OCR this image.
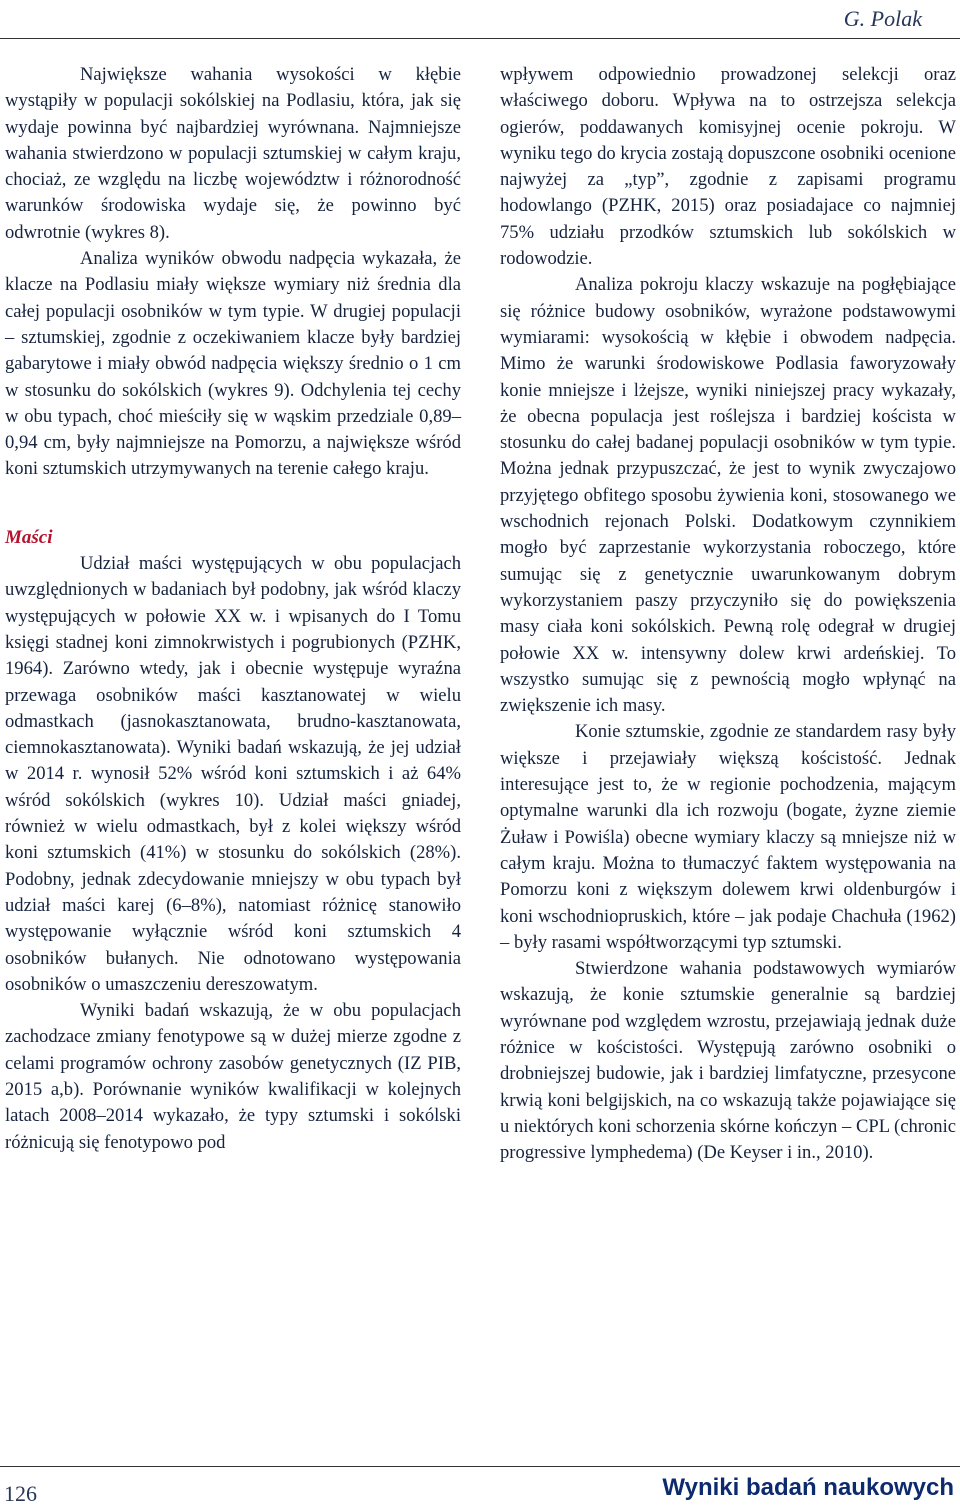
G. Polak

Największe wahania wysokości w kłębie wystąpiły w populacji sokólskiej na Podlasiu, która, jak się wydaje powinna być najbardziej wyrównana. Najmniejsze wahania stwierdzono w populacji sztumskiej w całym kraju, chociaż, ze względu na liczbę województw i różnorodność warunków środowiska wydaje się, że powinno być odwrotnie (wykres 8).

Analiza wyników obwodu nadpęcia wykazała, że klacze na Podlasiu miały większe wymiary niż średnia dla całej populacji osobników w tym typie. W drugiej populacji – sztumskiej, zgodnie z oczekiwaniem klacze były bardziej gabarytowe i miały obwód nadpęcia większy średnio o 1 cm w stosunku do sokólskich (wykres 9). Odchylenia tej cechy w obu typach, choć mieściły się w wąskim przedziale 0,89–0,94 cm, były najmniejsze na Pomorzu, a największe wśród koni sztumskich utrzymywanych na terenie całego kraju.

Maści

Udział maści występujących w obu populacjach uwzględnionych w badaniach był podobny, jak wśród klaczy występujących w połowie XX w. i wpisanych do I Tomu księgi stadnej koni zimnokrwistych i pogrubionych (PZHK, 1964). Zarówno wtedy, jak i obecnie występuje wyraźna przewaga osobników maści kasztanowatej w wielu odmastkach (jasnokasztanowata, brudno-kasztanowata, ciemnokasztanowata). Wyniki badań wskazują, że jej udział w 2014 r. wynosił 52% wśród koni sztumskich i aż 64% wśród sokólskich (wykres 10). Udział maści gniadej, również w wielu odmastkach, był z kolei większy wśród koni sztumskich (41%) w stosunku do sokólskich (28%). Podobny, jednak zdecydowanie mniejszy w obu typach był udział maści karej (6–8%), natomiast różnicę stanowiło występowanie wyłącznie wśród koni sztumskich 4 osobników bułanych. Nie odnotowano występowania osobników o umaszczeniu dereszowatym.

Wyniki badań wskazują, że w obu populacjach zachodzace zmiany fenotypowe są w dużej mierze zgodne z celami programów ochrony zasobów genetycznych (IZ PIB, 2015 a,b). Porównanie wyników kwalifikacji w kolejnych latach 2008–2014 wykazało, że typy sztumski i sokólski różnicują się fenotypowo pod

wpływem odpowiednio prowadzonej selekcji oraz właściwego doboru. Wpływa na to ostrzejsza selekcja ogierów, poddawanych komisyjnej ocenie pokroju. W wyniku tego do krycia zostają dopuszcone osobniki ocenione najwyżej za „typ”, zgodnie z zapisami programu hodowlango (PZHK, 2015) oraz posiadajace co najmniej 75% udziału przodków sztumskich lub sokólskich w rodowodzie.

Analiza pokroju klaczy wskazuje na pogłębiające się różnice budowy osobników, wyrażone podstawowymi wymiarami: wysokością w kłębie i obwodem nadpęcia. Mimo że warunki środowiskowe Podlasia faworyzowały konie mniejsze i lżejsze, wyniki niniejszej pracy wykazały, że obecna populacja jest roślejsza i bardziej koścista w stosunku do całej badanej populacji osobników w tym typie. Można jednak przypuszczać, że jest to wynik zwyczajowo przyjętego obfitego sposobu żywienia koni, stosowanego we wschodnich rejonach Polski. Dodatkowym czynnikiem mogło być zaprzestanie wykorzystania roboczego, które sumując się z genetycznie uwarunkowanym dobrym wykorzystaniem paszy przyczyniło się do powiększenia masy ciała koni sokólskich. Pewną rolę odegrał w drugiej połowie XX w. intensywny dolew krwi ardeńskiej. To wszystko sumując się z pewnością mogło wpłynąć na zwiększenie ich masy.

Konie sztumskie, zgodnie ze standardem rasy były większe i przejawiały większą kościstość. Jednak interesujące jest to, że w regionie pochodzenia, mającym optymalne warunki dla ich rozwoju (bogate, żyzne ziemie Żuław i Powiśla) obecne wymiary klaczy są mniejsze niż w całym kraju. Można to tłumaczyć faktem występowania na Pomorzu koni z większym dolewem krwi oldenburgów i koni wschodniopruskich, które – jak podaje Chachuła (1962) – były rasami współtworzącymi typ sztumski.

Stwierdzone wahania podstawowych wymiarów wskazują, że konie sztumskie generalnie są bardziej wyrównane pod względem wzrostu, przejawiają jednak duże różnice w kościstości. Występują zarówno osobniki o drobniejszej budowie, jak i bardziej limfatyczne, przesycone krwią koni belgijskich, na co wskazują także pojawiające się u niektórych koni schorzenia skórne kończyn – CPL (chronic progressive lymphedema) (De Keyser i in., 2010).

126	Wyniki badań naukowych
